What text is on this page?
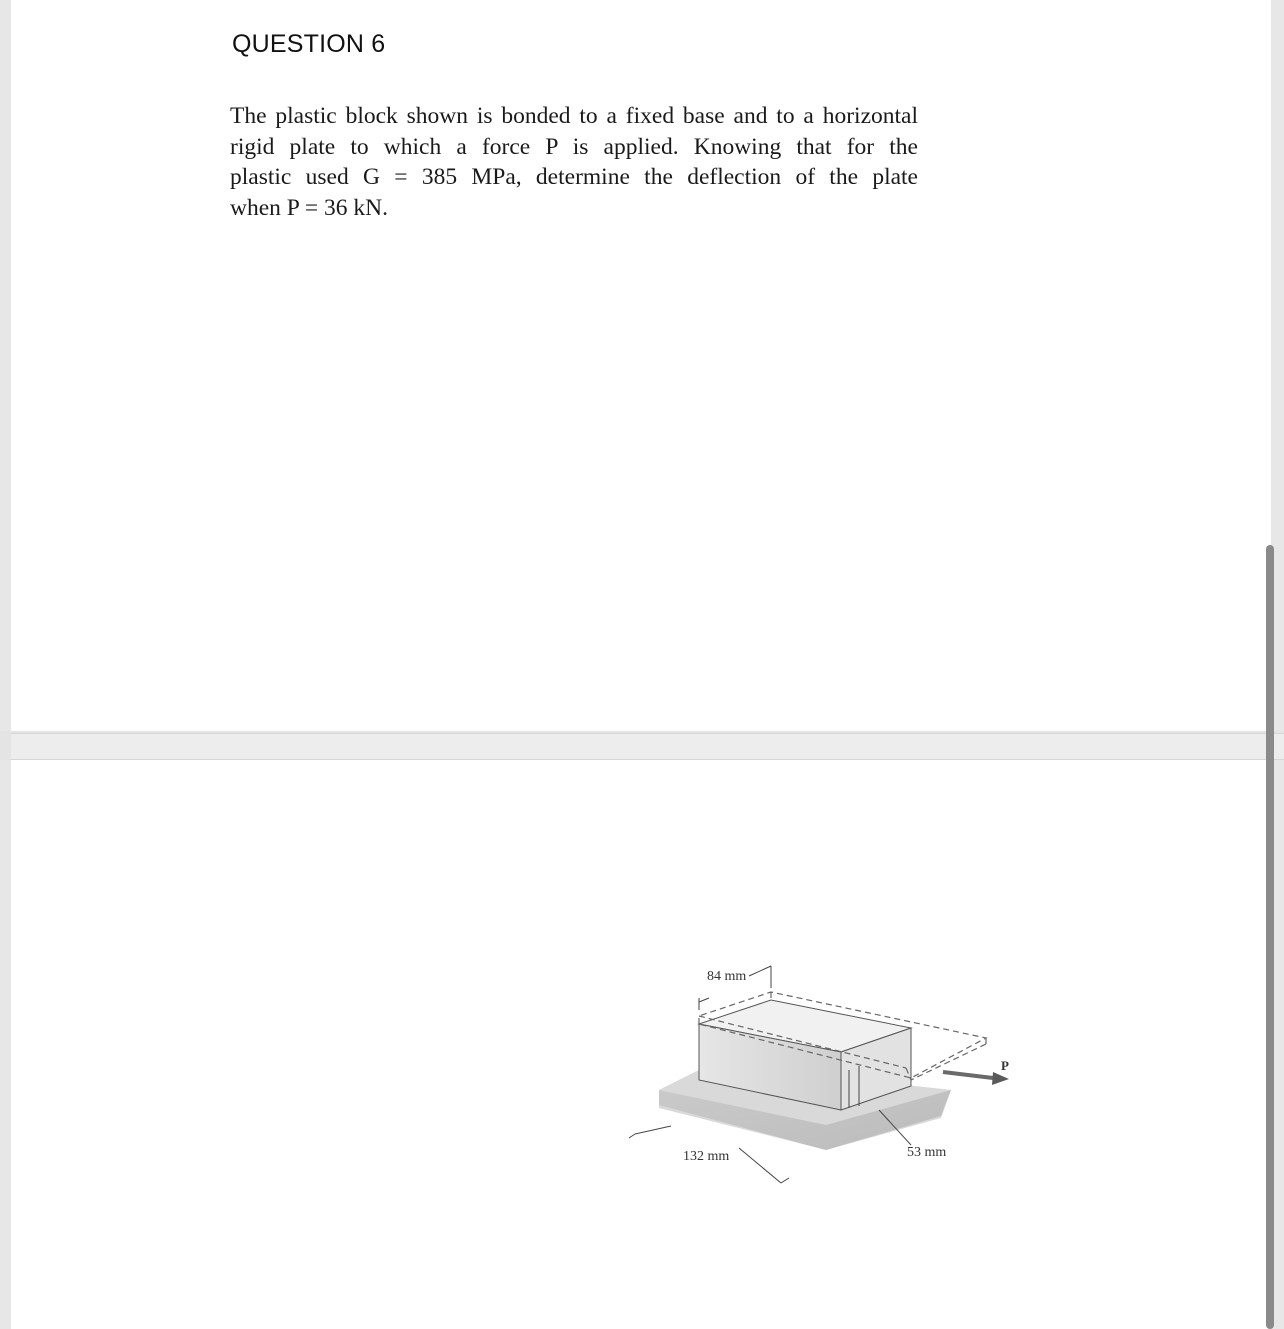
QUESTION 6
The plastic block shown is bonded to a fixed base and to a horizontal
rigid plate to which a force P is applied. Knowing that for the
plastic used G = 385 MPa, determine the deflection of the plate
when P = 36 kN.
P
53 mm
84 mm
132 mm
